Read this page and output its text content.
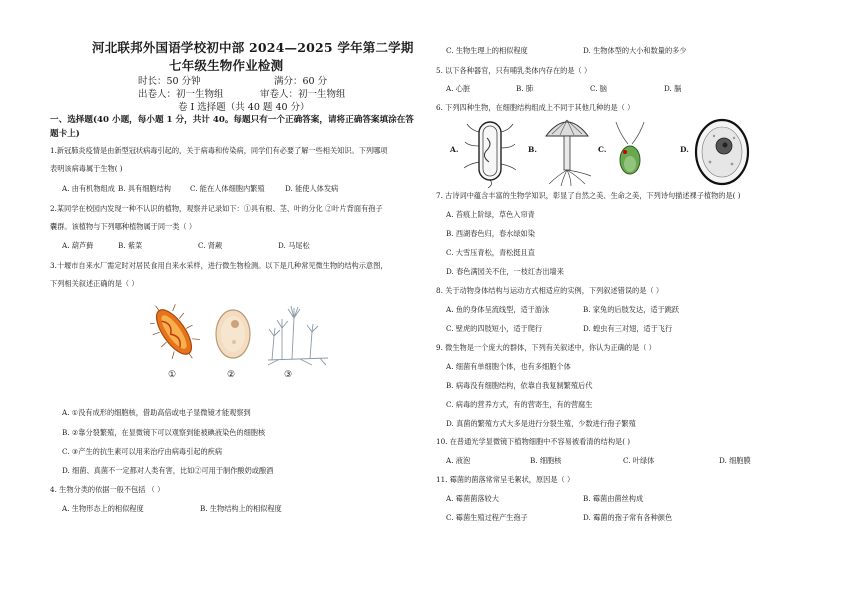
河北联邦外国语学校初中部 2024—2025 学年第二学期
七年级生物作业检测
时长：50 分钟	满分：60 分
出卷人：初一生物组	审卷人：初一生物组
卷 I 选择题（共 40 题 40 分）
一、选择题(40 小题，每小题 1 分，共计 40。每题只有一个正确答案，请将正确答案填涂在答
题卡上)
1.新冠肺炎疫情是由新型冠状病毒引起的，关于病毒和传染病，同学们有必要了解一些相关知识。下列哪项
表明该病毒属于生物( )
A. 由有机物组成 B. 具有细胞结构	C. 能在人体细胞内繁殖	D. 能使人体发病
2.某同学在校园内发现一种不认识的植物，观察并记录如下：①具有根、茎、叶的分化 ②叶片背面有孢子
囊群。该植物与下列哪种植物属于同一类（ ）
A. 葫芦藓	B. 紫菜	C. 肾蕨	D. 马尾松
3.十堰市自来水厂需定时对居民食用自来水采样，进行微生物检测。以下是几种常见微生物的结构示意图，
下列相关叙述正确的是（ ）
①	②	③
A. ①没有成形的细胞核，借助高倍或电子显微镜才能观察到
B. ②靠分裂繁殖，在显微镜下可以观察到能被碘液染色的细胞核
C. ③产生的抗生素可以用来治疗由病毒引起的疾病
D. 细菌、真菌不一定都对人类有害，比如②可用于制作酸奶或酿酒
4. 生物分类的依据一般不包括 （ ）
A. 生物形态上的相似程度	B. 生物结构上的相似程度
C. 生物生理上的相似程度	D. 生物体型的大小和数量的多少
5. 以下各种器官，只有哺乳类体内存在的是（ ）
A. 心脏	B. 肺	C. 脑	D. 膈
6. 下列四种生物，在细胞结构组成上不同于其他几种的是（ ）
A.	B.	C.	D.
7. 古诗词中蕴含丰富的生物学知识，彰显了自然之美、生命之美，下列诗句描述裸子植物的是( )
A. 苔痕上阶绿，草色入帘青
B. 西湖春色归，春水绿如染
C. 大雪压青松，青松挺且直
D. 春色满园关不住，一枝红杏出墙来
8. 关于动物身体结构与运动方式相适应的实例，下列叙述错误的是（ ）
A. 鱼的身体呈流线型，适于游泳	B. 家兔的后肢发达，适于跳跃
C. 壁虎的四肢短小，适于爬行	D. 蝗虫有三对翅，适于飞行
9. 微生物是一个庞大的群体，下列有关叙述中，你认为正确的是（ ）
A. 细菌有单细胞个体，也有多细胞个体
B. 病毒没有细胞结构，依靠自我复制繁殖后代
C. 病毒的营养方式，有的营寄生，有的营腐生
D. 真菌的繁殖方式大多是进行分裂生殖，少数进行孢子繁殖
10. 在普通光学显微镜下植物细胞中不容易被看清的结构是( )
A. 液泡	B. 细胞核	C. 叶绿体	D. 细胞膜
11. 霉菌的菌落常常呈毛絮状，原因是（ ）
A. 霉菌菌落较大	B. 霉菌由菌丝构成
C. 霉菌生殖过程产生孢子	D. 霉菌的孢子常有各种颜色
